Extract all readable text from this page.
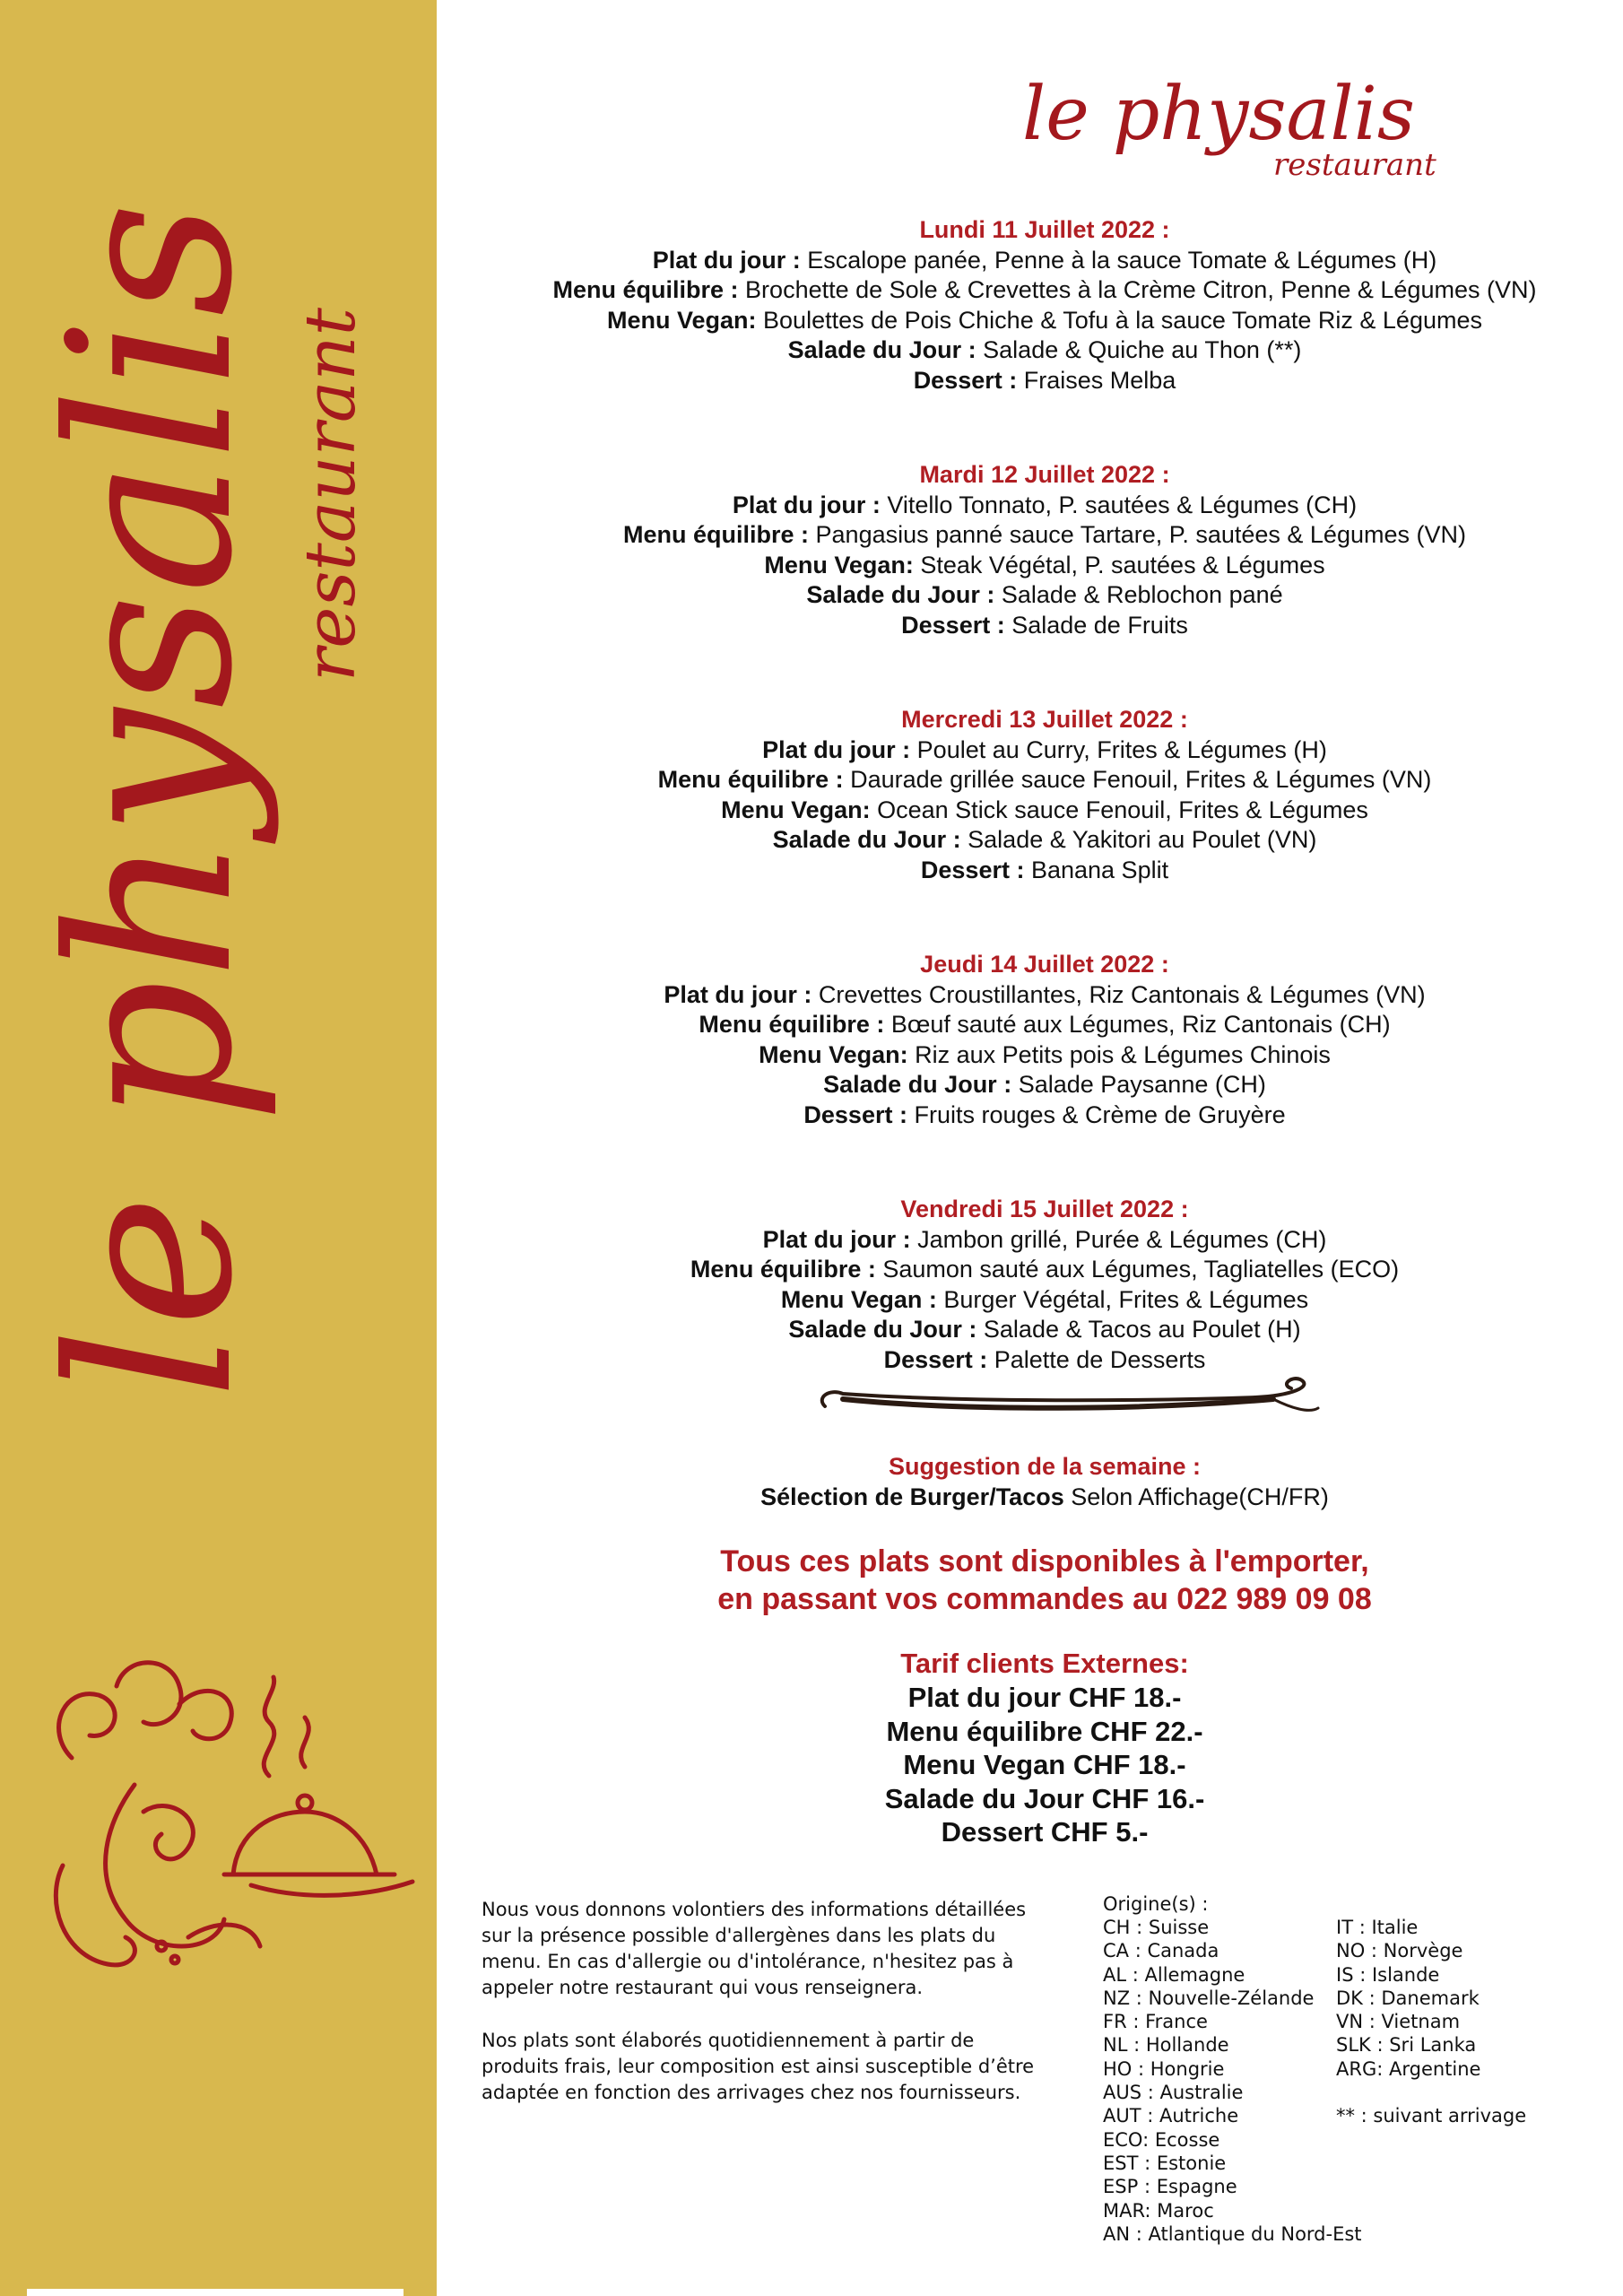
le physalis restaurant
le physalis
restaurant
Lundi 11 Juillet 2022 :
Plat du jour : Escalope panée, Penne à la sauce Tomate & Légumes (H)
Menu équilibre : Brochette de Sole & Crevettes à la Crème Citron, Penne & Légumes (VN)
Menu Vegan: Boulettes de Pois Chiche & Tofu à la sauce Tomate Riz & Légumes
Salade du Jour : Salade & Quiche au Thon (**)
Dessert : Fraises Melba
Mardi 12 Juillet 2022 :
Plat du jour : Vitello Tonnato, P. sautées & Légumes (CH)
Menu équilibre : Pangasius panné sauce Tartare, P. sautées & Légumes (VN)
Menu Vegan: Steak Végétal, P. sautées & Légumes
Salade du Jour : Salade & Reblochon pané
Dessert : Salade de Fruits
Mercredi 13 Juillet 2022 :
Plat du jour : Poulet au Curry, Frites & Légumes (H)
Menu équilibre : Daurade grillée sauce Fenouil, Frites & Légumes (VN)
Menu Vegan: Ocean Stick sauce Fenouil, Frites & Légumes
Salade du Jour : Salade & Yakitori au Poulet (VN)
Dessert : Banana Split
Jeudi 14 Juillet 2022 :
Plat du jour : Crevettes Croustillantes, Riz Cantonais & Légumes (VN)
Menu équilibre : Bœuf sauté aux Légumes, Riz Cantonais (CH)
Menu Vegan: Riz aux Petits pois & Légumes Chinois
Salade du Jour : Salade Paysanne (CH)
Dessert : Fruits rouges & Crème de Gruyère
Vendredi 15 Juillet 2022 :
Plat du jour : Jambon grillé, Purée & Légumes (CH)
Menu équilibre : Saumon sauté aux Légumes, Tagliatelles (ECO)
Menu Vegan : Burger Végétal, Frites & Légumes
Salade du Jour : Salade & Tacos au Poulet (H)
Dessert : Palette de Desserts
Suggestion de la semaine :
Sélection de Burger/Tacos Selon Affichage(CH/FR)
Tous ces plats sont disponibles à l'emporter,
en passant vos commandes au 022 989 09 08
Tarif clients Externes:
Plat du jour CHF 18.-
Menu équilibre CHF 22.-
Menu Vegan CHF 18.-
Salade du Jour CHF 16.-
Dessert CHF 5.-

Nous vous donnons volontiers des informations détaillées sur la présence possible d'allergènes dans les plats du menu. En cas d'allergie ou d'intolérance, n'hesitez pas à appeler notre restaurant qui vous renseignera.

Nos plats sont élaborés quotidiennement à partir de produits frais, leur composition est ainsi susceptible d’être adaptée en fonction des arrivages chez nos fournisseurs.

Origine(s) :
CH : Suisse
CA : Canada
AL : Allemagne
NZ : Nouvelle-Zélande
FR : France
NL : Hollande
HO : Hongrie
AUS : Australie
AUT : Autriche
ECO: Ecosse
EST : Estonie
ESP : Espagne
MAR: Maroc
AN : Atlantique du Nord-Est
IT : Italie
NO : Norvège
IS : Islande
DK : Danemark
VN : Vietnam
SLK : Sri Lanka
ARG: Argentine
** : suivant arrivage
